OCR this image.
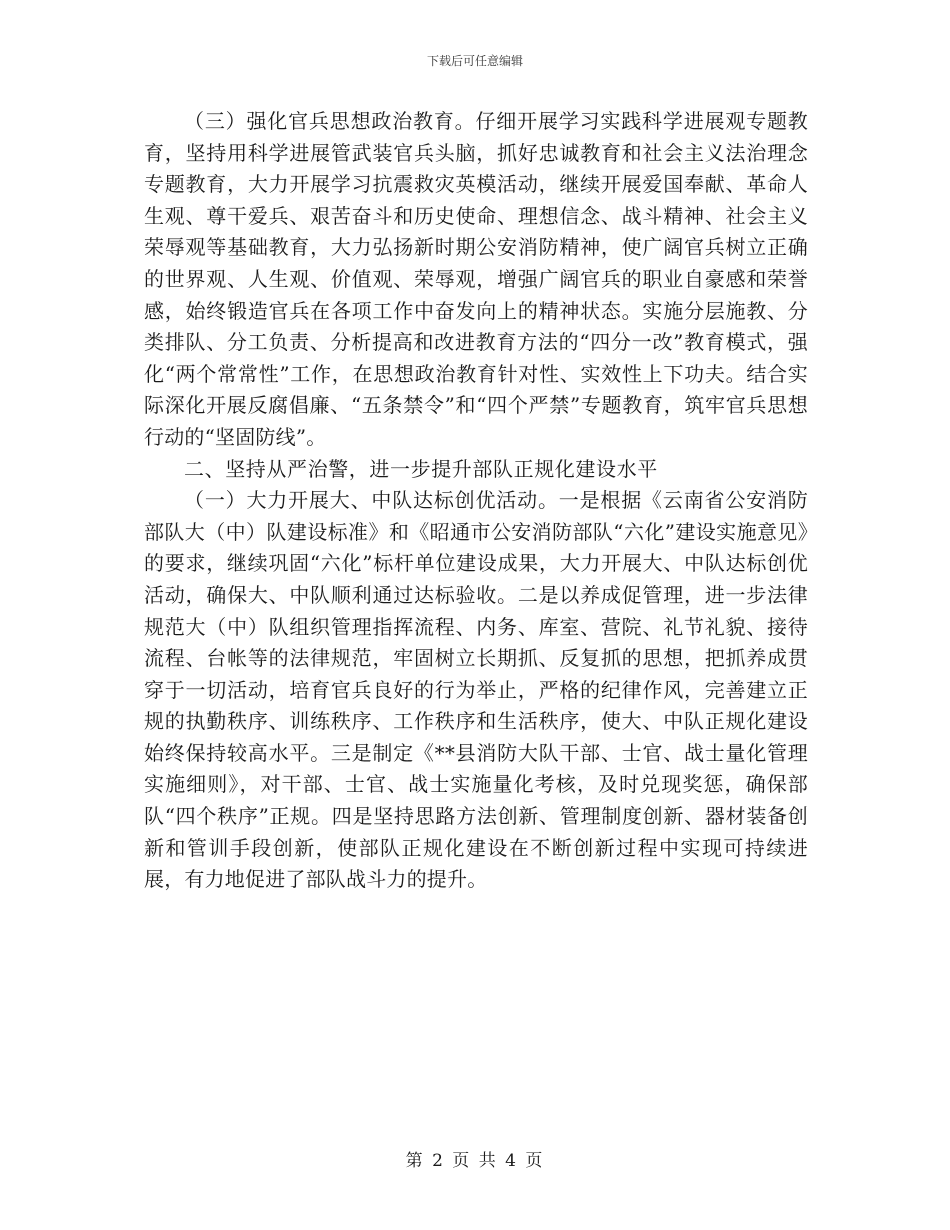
下载后可任意编辑

（三）强化官兵思想政治教育。仔细开展学习实践科学进展观专题教育，坚持用科学进展管武装官兵头脑，抓好忠诚教育和社会主义法治理念专题教育，大力开展学习抗震救灾英模活动，继续开展爱国奉献、革命人生观、尊干爱兵、艰苦奋斗和历史使命、理想信念、战斗精神、社会主义荣辱观等基础教育，大力弘扬新时期公安消防精神，使广阔官兵树立正确的世界观、人生观、价值观、荣辱观，增强广阔官兵的职业自豪感和荣誉感，始终锻造官兵在各项工作中奋发向上的精神状态。实施分层施教、分类排队、分工负责、分析提高和改进教育方法的“四分一改”教育模式，强化“两个常常性”工作，在思想政治教育针对性、实效性上下功夫。结合实际深化开展反腐倡廉、“五条禁令”和“四个严禁”专题教育，筑牢官兵思想行动的“坚固防线”。

二、坚持从严治警，进一步提升部队正规化建设水平

（一）大力开展大、中队达标创优活动。一是根据《云南省公安消防部队大（中）队建设标准》和《昭通市公安消防部队“六化”建设实施意见》的要求，继续巩固“六化”标杆单位建设成果，大力开展大、中队达标创优活动，确保大、中队顺利通过达标验收。二是以养成促管理，进一步法律规范大（中）队组织管理指挥流程、内务、库室、营院、礼节礼貌、接待流程、台帐等的法律规范，牢固树立长期抓、反复抓的思想，把抓养成贯穿于一切活动，培育官兵良好的行为举止，严格的纪律作风，完善建立正规的执勤秩序、训练秩序、工作秩序和生活秩序，使大、中队正规化建设始终保持较高水平。三是制定《**县消防大队干部、士官、战士量化管理实施细则》，对干部、士官、战士实施量化考核，及时兑现奖惩，确保部队“四个秩序”正规。四是坚持思路方法创新、管理制度创新、器材装备创新和管训手段创新，使部队正规化建设在不断创新过程中实现可持续进展，有力地促进了部队战斗力的提升。

第 2 页 共 4 页
